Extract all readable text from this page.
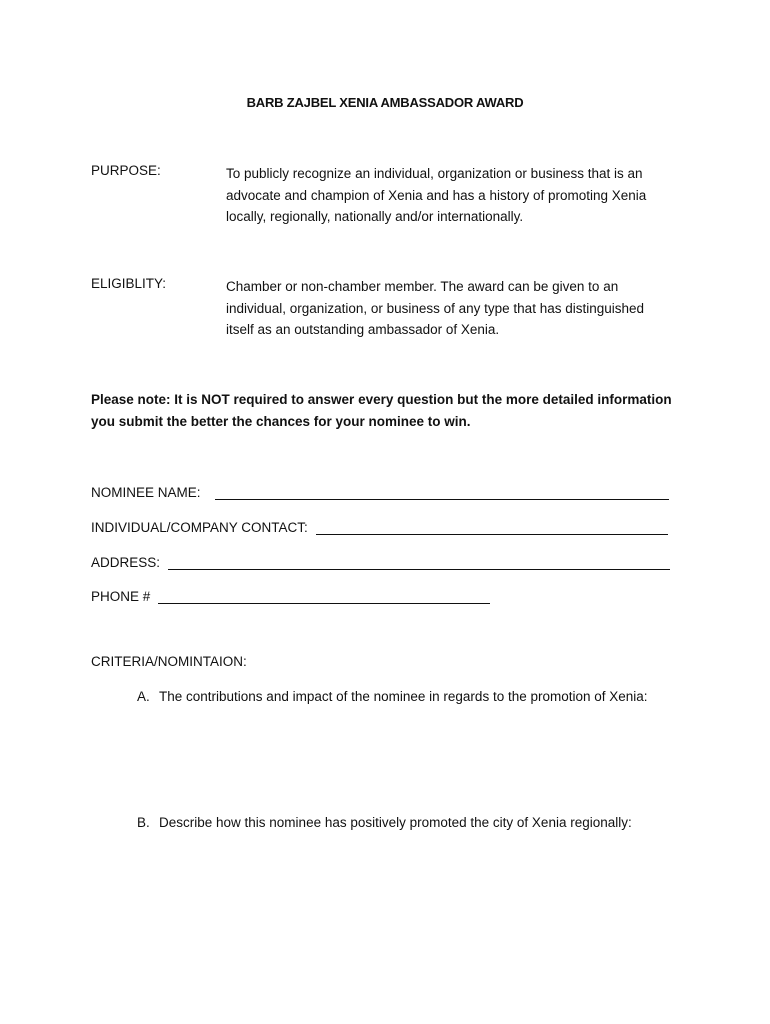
BARB ZAJBEL XENIA AMBASSADOR AWARD
PURPOSE:	To publicly recognize an individual, organization or business that is an
advocate and champion of Xenia and has a history of promoting Xenia
locally, regionally, nationally and/or internationally.
ELIGIBLITY:	Chamber or non-chamber member. The award can be given to an
individual, organization, or business of any type that has distinguished
itself as an outstanding ambassador of Xenia.
Please note: It is NOT required to answer every question but the more detailed information
you submit the better the chances for your nominee to win.
NOMINEE NAME:
INDIVIDUAL/COMPANY CONTACT:
ADDRESS:
PHONE #
CRITERIA/NOMINTAION:
A. The contributions and impact of the nominee in regards to the promotion of Xenia:
B. Describe how this nominee has positively promoted the city of Xenia regionally:
